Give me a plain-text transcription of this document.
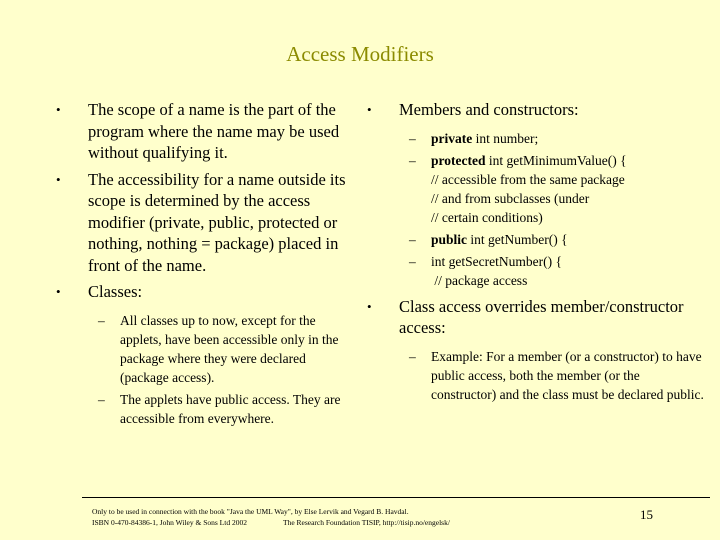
Access Modifiers
• The scope of a name is the part of the program where the name may be used without qualifying it.
• The accessibility for a name outside its scope is determined by the access modifier (private, public, protected or nothing, nothing = package) placed in front of the name.
• Classes:
– All classes up to now, except for the applets, have been accessible only in the package where they were declared (package access).
– The applets have public access. They are accessible from everywhere.
• Members and constructors:
– private int number;
– protected int getMinimumValue() {
// accessible from the same package
// and from subclasses (under
// certain conditions)
– public int getNumber() {
– int getSecretNumber() {
// package access
• Class access overrides member/constructor access:
– Example: For a member (or a constructor) to have public access, both the member (or the constructor) and the class must be declared public.
Only to be used in connection with the book "Java the UML Way", by Else Lervik and Vegard B. Havdal.
ISBN 0-470-84386-1, John Wiley & Sons Ltd 2002	The Research Foundation TISIP, http://tisip.no/engelsk/
15
